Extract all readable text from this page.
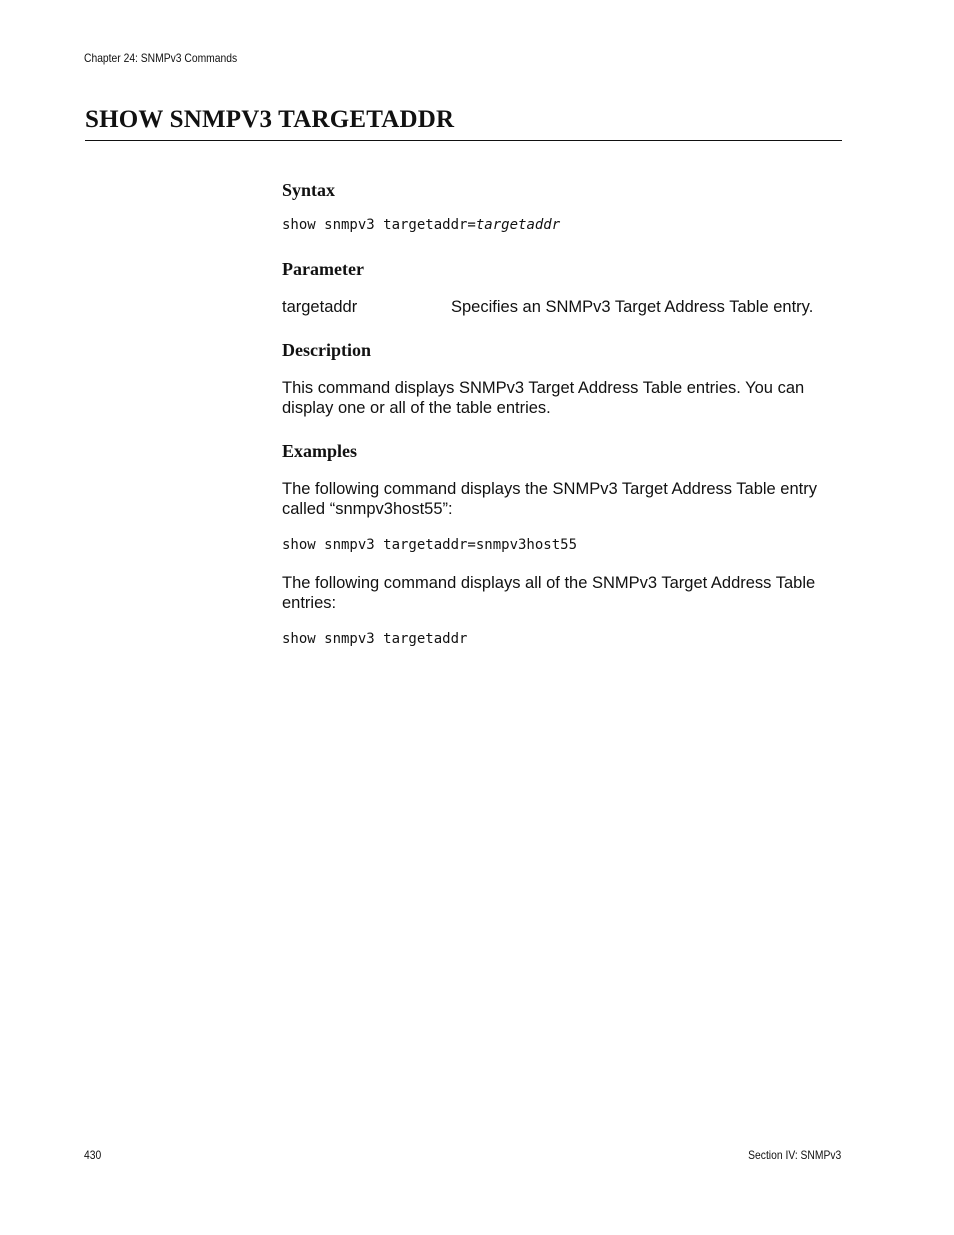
Chapter 24: SNMPv3 Commands
SHOW SNMPV3 TARGETADDR
Syntax
show snmpv3 targetaddr=targetaddr
Parameter
targetaddr	Specifies an SNMPv3 Target Address Table entry.
Description

This command displays SNMPv3 Target Address Table entries. You can display one or all of the table entries.

Examples

The following command displays the SNMPv3 Target Address Table entry called “snmpv3host55”:

show snmpv3 targetaddr=snmpv3host55

The following command displays all of the SNMPv3 Target Address Table entries:

show snmpv3 targetaddr
430	Section IV: SNMPv3
